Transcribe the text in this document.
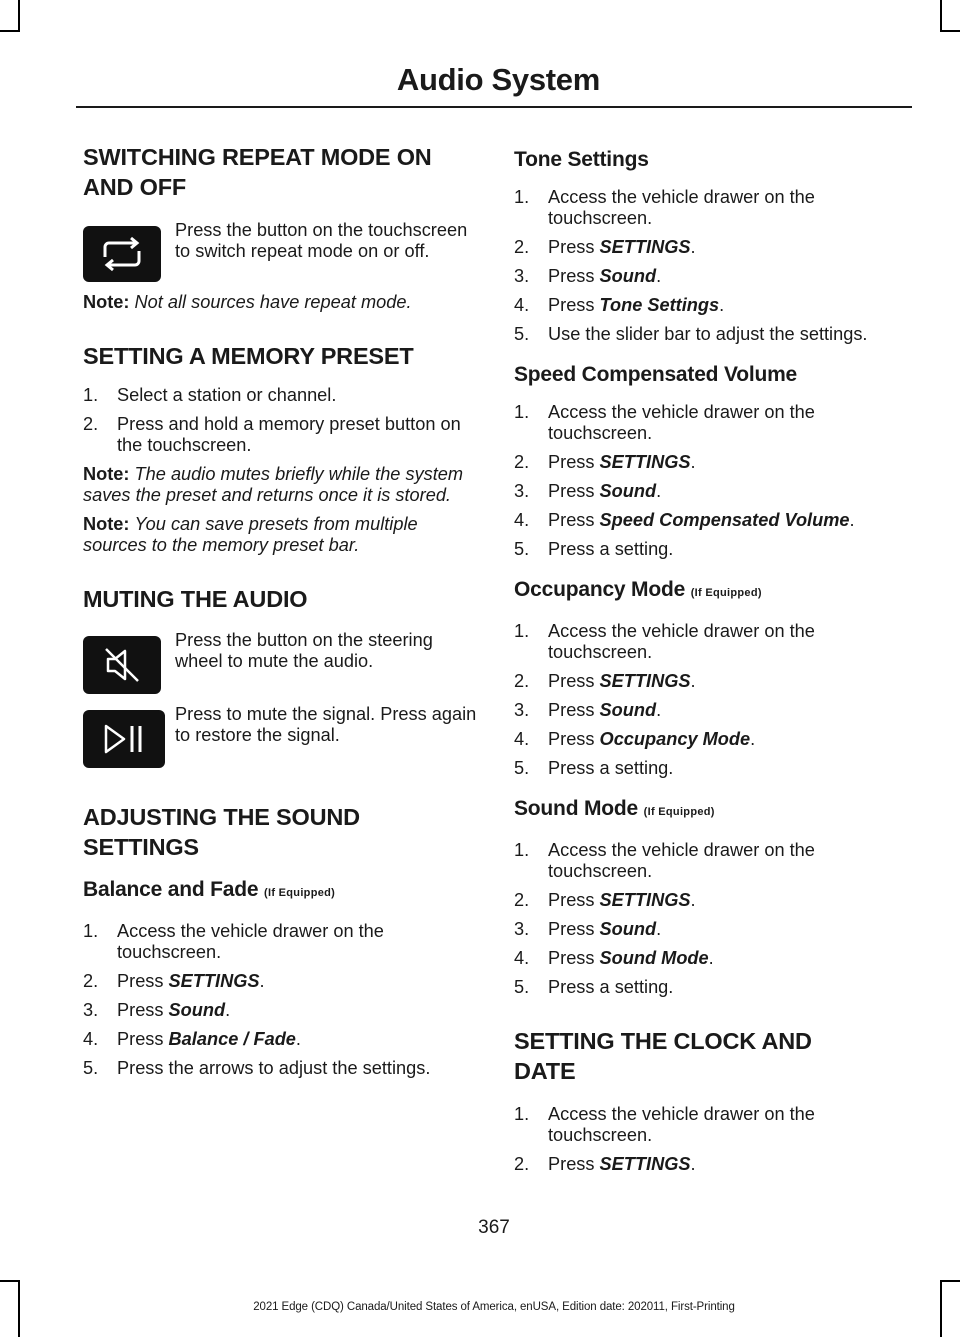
Audio System
SWITCHING REPEAT MODE ON
AND OFF

Press the button on the touchscreen to switch repeat mode on or off.

Note: Not all sources have repeat mode.

SETTING A MEMORY PRESET
1. Select a station or channel.
2. Press and hold a memory preset button on the touchscreen.

Note: The audio mutes briefly while the system saves the preset and returns once it is stored.

Note: You can save presets from multiple sources to the memory preset bar.

MUTING THE AUDIO

Press the button on the steering wheel to mute the audio.

Press to mute the signal. Press again to restore the signal.

ADJUSTING THE SOUND
SETTINGS
Balance and Fade (If Equipped)
1. Access the vehicle drawer on the touchscreen.
2. Press SETTINGS.
3. Press Sound.
4. Press Balance / Fade.
5. Press the arrows to adjust the settings.
Tone Settings
1. Access the vehicle drawer on the touchscreen.
2. Press SETTINGS.
3. Press Sound.
4. Press Tone Settings.
5. Use the slider bar to adjust the settings.
Speed Compensated Volume
1. Access the vehicle drawer on the touchscreen.
2. Press SETTINGS.
3. Press Sound.
4. Press Speed Compensated Volume.
5. Press a setting.
Occupancy Mode (If Equipped)
1. Access the vehicle drawer on the touchscreen.
2. Press SETTINGS.
3. Press Sound.
4. Press Occupancy Mode.
5. Press a setting.
Sound Mode (If Equipped)
1. Access the vehicle drawer on the touchscreen.
2. Press SETTINGS.
3. Press Sound.
4. Press Sound Mode.
5. Press a setting.
SETTING THE CLOCK AND
DATE
1. Access the vehicle drawer on the touchscreen.
2. Press SETTINGS.
367
2021 Edge (CDQ) Canada/United States of America, enUSA, Edition date: 202011, First-Printing
